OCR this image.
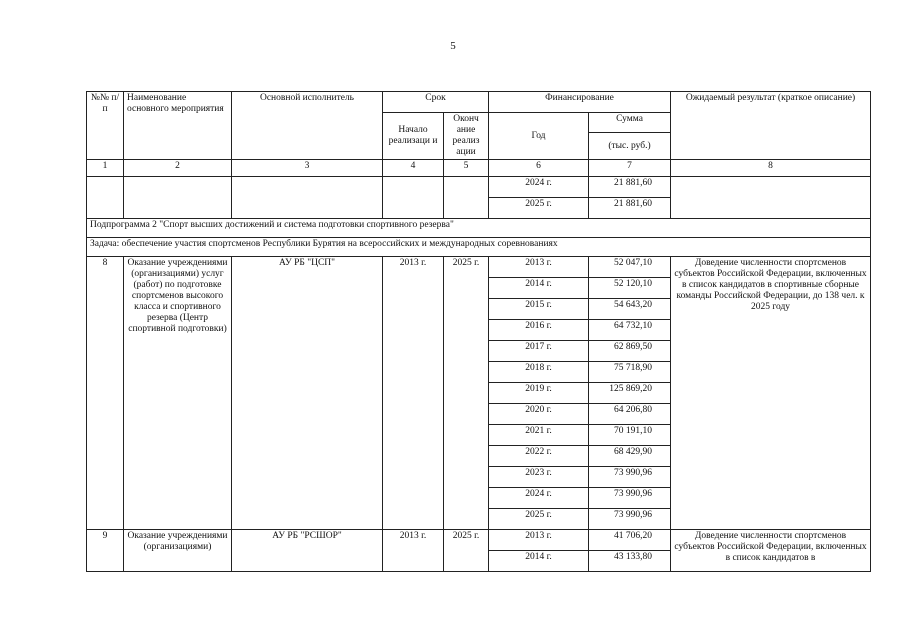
5
№№ п/п	Наименование основного мероприятия	Основной исполнитель	Срок		Финансирование		Ожидаемый результат (краткое описание)
			Начало реализаци и	Оконч ание реализ ации	Год	Сумма	
						(тыс. руб.)	
1	2	3	4	5	6	7	8
					2024 г.	21 881,60	
					2025 г.	21 881,60	
Подпрограмма 2 "Спорт высших достижений и система подготовки спортивного резерва"							
Задача: обеспечение участия спортсменов Республики Бурятия на всероссийских и международных соревнованиях							
8	Оказание учреждениями (организациями) услуг (работ) по подготовке спортсменов высокого класса и спортивного резерва (Центр спортивной подготовки)	АУ РБ "ЦСП"	2013 г.	2025 г.	2013 г.	52 047,10	Доведение численности спортсменов субъектов Российской Федерации, включенных в список кандидатов в спортивные сборные команды Российской Федерации, до 138 чел. к 2025 году
					2014 г.	52 120,10	
					2015 г.	54 643,20	
					2016 г.	64 732,10	
					2017 г.	62 869,50	
					2018 г.	75 718,90	
					2019 г.	125 869,20	
					2020 г.	64 206,80	
					2021 г.	70 191,10	
					2022 г.	68 429,90	
					2023 г.	73 990,96	
					2024 г.	73 990,96	
					2025 г.	73 990,96	
9	Оказание учреждениями (организациями)	АУ РБ "РСШОР"	2013 г.	2025 г.	2013 г.	41 706,20	Доведение численности спортсменов субъектов Российской Федерации, включенных в список кандидатов в
					2014 г.	43 133,80	
